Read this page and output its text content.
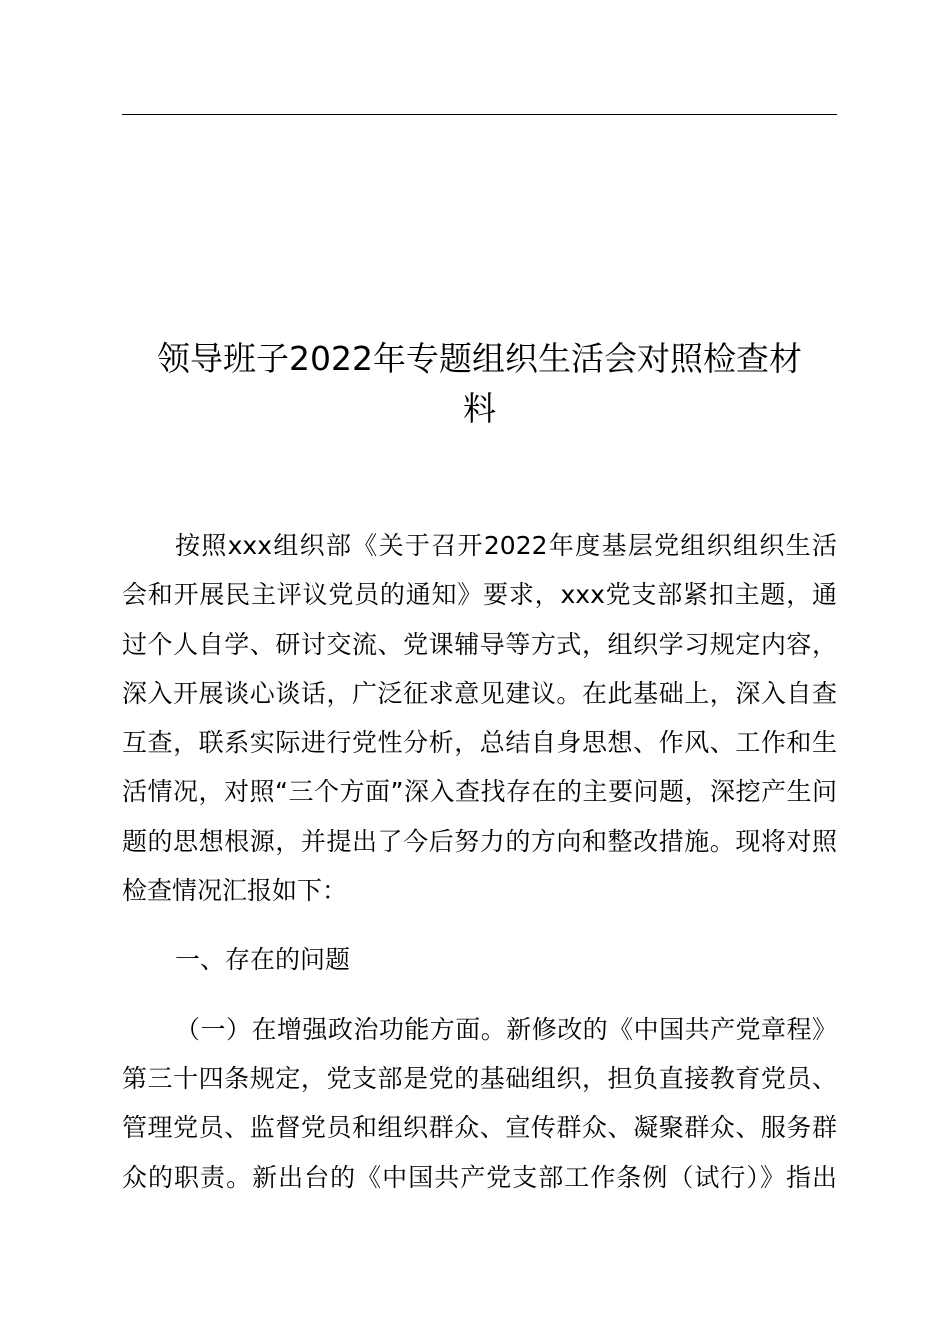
领导班子2022年专题组织生活会对照检查材
料
按照xxx组织部《关于召开2022年度基层党组织组织生活
会和开展民主评议党员的通知》要求，xxx党支部紧扣主题，通
过个人自学、研讨交流、党课辅导等方式，组织学习规定内容，
深入开展谈心谈话，广泛征求意见建议。在此基础上，深入自查
互查，联系实际进行党性分析，总结自身思想、作风、工作和生
活情况，对照“三个方面”深入查找存在的主要问题，深挖产生问
题的思想根源，并提出了今后努力的方向和整改措施。现将对照
检查情况汇报如下：
一、存在的问题
（一）在增强政治功能方面。新修改的《中国共产党章程》
第三十四条规定，党支部是党的基础组织，担负直接教育党员、
管理党员、监督党员和组织群众、宣传群众、凝聚群众、服务群
众的职责。新出台的《中国共产党支部工作条例（试行）》指出
